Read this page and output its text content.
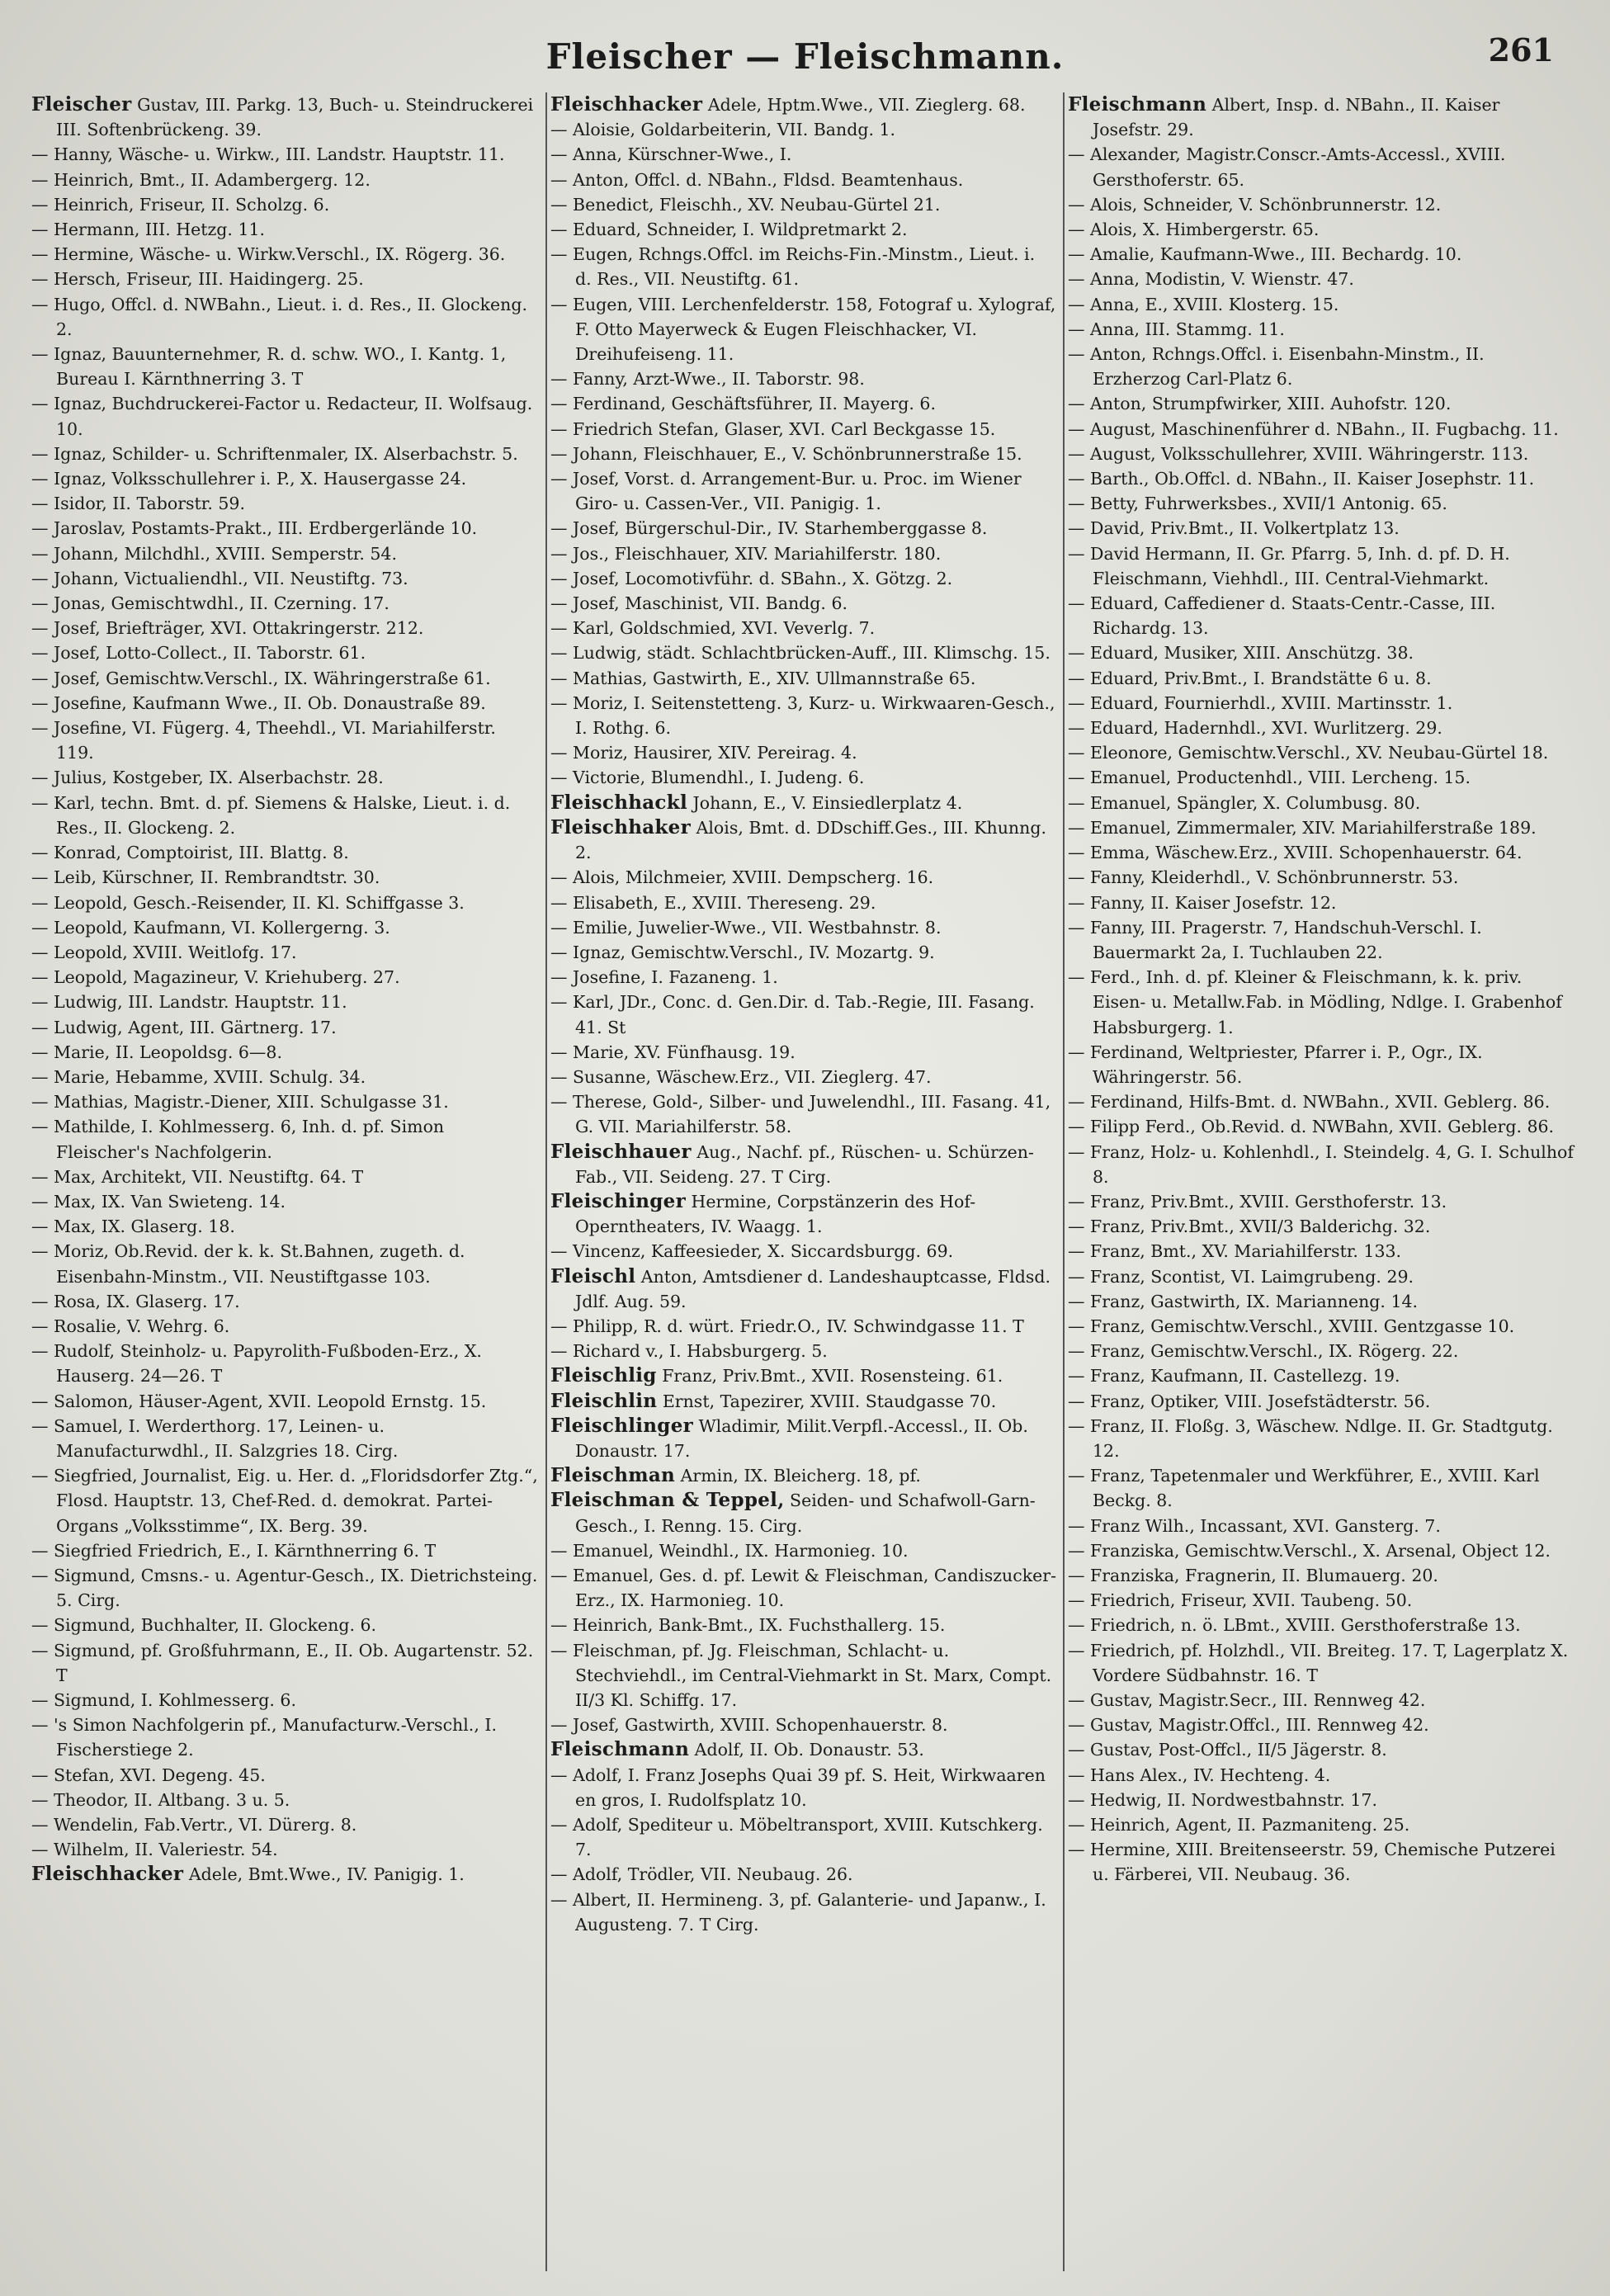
Fleischer — Fleischmann.	261
Fleischer Gustav, III. Parkg. 13, Buch- u. Steindruckerei III. Softenbrückeng. 39.
— Hanny, Wäsche- u. Wirkw., III. Landstr. Hauptstr. 11.
— Heinrich, Bmt., II. Adambergerg. 12.
— Heinrich, Friseur, II. Scholzg. 6.
— Hermann, III. Hetzg. 11.
— Hermine, Wäsche- u. Wirkw.Verschl., IX. Rögerg. 36.
— Hersch, Friseur, III. Haidingerg. 25.
— Hugo, Offcl. d. NWBahn., Lieut. i. d. Res., II. Glockeng. 2.
— Ignaz, Bauunternehmer, R. d. schw. WO., I. Kantg. 1, Bureau I. Kärnthnerring 3. T
— Ignaz, Buchdruckerei-Factor u. Redacteur, II. Wolfsaug. 10.
— Ignaz, Schilder- u. Schriftenmaler, IX. Alserbachstr. 5.
— Ignaz, Volksschullehrer i. P., X. Hausergasse 24.
— Isidor, II. Taborstr. 59.
— Jaroslav, Postamts-Prakt., III. Erdbergerlände 10.
— Johann, Milchdhl., XVIII. Semperstr. 54.
— Johann, Victualiendhl., VII. Neustiftg. 73.
— Jonas, Gemischtwdhl., II. Czerning. 17.
— Josef, Briefträger, XVI. Ottakringerstr. 212.
— Josef, Lotto-Collect., II. Taborstr. 61.
— Josef, Gemischtw.Verschl., IX. Währingerstraße 61.
— Josefine, Kaufmann Wwe., II. Ob. Donaustraße 89.
— Josefine, VI. Fügerg. 4, Theehdl., VI. Mariahilferstr. 119.
— Julius, Kostgeber, IX. Alserbachstr. 28.
— Karl, techn. Bmt. d. pf. Siemens & Halske, Lieut. i. d. Res., II. Glockeng. 2.
— Konrad, Comptoirist, III. Blattg. 8.
— Leib, Kürschner, II. Rembrandtstr. 30.
— Leopold, Gesch.-Reisender, II. Kl. Schiffgasse 3.
— Leopold, Kaufmann, VI. Kollergerng. 3.
— Leopold, XVIII. Weitlofg. 17.
— Leopold, Magazineur, V. Kriehuberg. 27.
— Ludwig, III. Landstr. Hauptstr. 11.
— Ludwig, Agent, III. Gärtnerg. 17.
— Marie, II. Leopoldsg. 6—8.
— Marie, Hebamme, XVIII. Schulg. 34.
— Mathias, Magistr.-Diener, XIII. Schulgasse 31.
— Mathilde, I. Kohlmesserg. 6, Inh. d. pf. Simon Fleischer's Nachfolgerin.
— Max, Architekt, VII. Neustiftg. 64. T
— Max, IX. Van Swieteng. 14.
— Max, IX. Glaserg. 18.
— Moriz, Ob.Revid. der k. k. St.Bahnen, zugeth. d. Eisenbahn-Minstm., VII. Neustiftgasse 103.
— Rosa, IX. Glaserg. 17.
— Rosalie, V. Wehrg. 6.
— Rudolf, Steinholz- u. Papyrolith-Fußboden-Erz., X. Hauserg. 24—26. T
— Salomon, Häuser-Agent, XVII. Leopold Ernstg. 15.
— Samuel, I. Werderthorg. 17, Leinen- u. Manufacturwdhl., II. Salzgries 18. Cirg.
— Siegfried, Journalist, Eig. u. Her. d. „Floridsdorfer Ztg.“, Flosd. Hauptstr. 13, Chef-Red. d. demokrat. Partei-Organs „Volksstimme“, IX. Berg. 39.
— Siegfried Friedrich, E., I. Kärnthnerring 6. T
— Sigmund, Cmsns.- u. Agentur-Gesch., IX. Dietrichsteing. 5. Cirg.
— Sigmund, Buchhalter, II. Glockeng. 6.
— Sigmund, pf. Großfuhrmann, E., II. Ob. Augartenstr. 52. T
— Sigmund, I. Kohlmesserg. 6.
— 's Simon Nachfolgerin pf., Manufacturw.-Verschl., I. Fischerstiege 2.
— Stefan, XVI. Degeng. 45.
— Theodor, II. Altbang. 3 u. 5.
— Wendelin, Fab.Vertr., VI. Dürerg. 8.
— Wilhelm, II. Valeriestr. 54.
Fleischhacker Adele, Bmt.Wwe., IV. Panigig. 1.
Fleischhacker Adele, Hptm.Wwe., VII. Zieglerg. 68.
— Aloisie, Goldarbeiterin, VII. Bandg. 1.
— Anna, Kürschner-Wwe., I.
— Anton, Offcl. d. NBahn., Fldsd. Beamtenhaus.
— Benedict, Fleischh., XV. Neubau-Gürtel 21.
— Eduard, Schneider, I. Wildpretmarkt 2.
— Eugen, Rchngs.Offcl. im Reichs-Fin.-Minstm., Lieut. i. d. Res., VII. Neustiftg. 61.
— Eugen, VIII. Lerchenfelderstr. 158, Fotograf u. Xylograf, F. Otto Mayerweck & Eugen Fleischhacker, VI. Dreihufeiseng. 11.
— Fanny, Arzt-Wwe., II. Taborstr. 98.
— Ferdinand, Geschäftsführer, II. Mayerg. 6.
— Friedrich Stefan, Glaser, XVI. Carl Beckgasse 15.
— Johann, Fleischhauer, E., V. Schönbrunnerstraße 15.
— Josef, Vorst. d. Arrangement-Bur. u. Proc. im Wiener Giro- u. Cassen-Ver., VII. Panigig. 1.
— Josef, Bürgerschul-Dir., IV. Starhemberggasse 8.
— Jos., Fleischhauer, XIV. Mariahilferstr. 180.
— Josef, Locomotivführ. d. SBahn., X. Götzg. 2.
— Josef, Maschinist, VII. Bandg. 6.
— Karl, Goldschmied, XVI. Veverlg. 7.
— Ludwig, städt. Schlachtbrücken-Auff., III. Klimschg. 15.
— Mathias, Gastwirth, E., XIV. Ullmannstraße 65.
— Moriz, I. Seitenstetteng. 3, Kurz- u. Wirkwaaren-Gesch., I. Rothg. 6.
— Moriz, Hausirer, XIV. Pereirag. 4.
— Victorie, Blumendhl., I. Judeng. 6.
Fleischhackl Johann, E., V. Einsiedlerplatz 4.
Fleischhaker Alois, Bmt. d. DDschiff.Ges., III. Khunng. 2.
— Alois, Milchmeier, XVIII. Dempscherg. 16.
— Elisabeth, E., XVIII. Thereseng. 29.
— Emilie, Juwelier-Wwe., VII. Westbahnstr. 8.
— Ignaz, Gemischtw.Verschl., IV. Mozartg. 9.
— Josefine, I. Fazaneng. 1.
— Karl, JDr., Conc. d. Gen.Dir. d. Tab.-Regie, III. Fasang. 41. St
— Marie, XV. Fünfhausg. 19.
— Susanne, Wäschew.Erz., VII. Zieglerg. 47.
— Therese, Gold-, Silber- und Juwelendhl., III. Fasang. 41, G. VII. Mariahilferstr. 58.
Fleischhauer Aug., Nachf. pf., Rüschen- u. Schürzen-Fab., VII. Seideng. 27. T Cirg.
Fleischinger Hermine, Corpstänzerin des Hof-Operntheaters, IV. Waagg. 1.
— Vincenz, Kaffeesieder, X. Siccardsburgg. 69.
Fleischl Anton, Amtsdiener d. Landeshauptcasse, Fldsd. Jdlf. Aug. 59.
— Philipp, R. d. würt. Friedr.O., IV. Schwindgasse 11. T
— Richard v., I. Habsburgerg. 5.
Fleischlig Franz, Priv.Bmt., XVII. Rosensteing. 61.
Fleischlin Ernst, Tapezirer, XVIII. Staudgasse 70.
Fleischlinger Wladimir, Milit.Verpfl.-Accessl., II. Ob. Donaustr. 17.
Fleischman Armin, IX. Bleicherg. 18, pf.
Fleischman & Teppel, Seiden- und Schafwoll-Garn-Gesch., I. Renng. 15. Cirg.
— Emanuel, Weindhl., IX. Harmonieg. 10.
— Emanuel, Ges. d. pf. Lewit & Fleischman, Candiszucker-Erz., IX. Harmonieg. 10.
— Heinrich, Bank-Bmt., IX. Fuchsthallerg. 15.
— Fleischman, pf. Jg. Fleischman, Schlacht- u. Stechviehdl., im Central-Viehmarkt in St. Marx, Compt. II/3 Kl. Schiffg. 17.
— Josef, Gastwirth, XVIII. Schopenhauerstr. 8.
Fleischmann Adolf, II. Ob. Donaustr. 53.
— Adolf, I. Franz Josephs Quai 39 pf. S. Heit, Wirkwaaren en gros, I. Rudolfsplatz 10.
— Adolf, Spediteur u. Möbeltransport, XVIII. Kutschkerg. 7.
— Adolf, Trödler, VII. Neubaug. 26.
— Albert, II. Hermineng. 3, pf. Galanterie- und Japanw., I. Augusteng. 7. T Cirg.
Fleischmann Albert, Insp. d. NBahn., II. Kaiser Josefstr. 29.
— Alexander, Magistr.Conscr.-Amts-Accessl., XVIII. Gersthoferstr. 65.
— Alois, Schneider, V. Schönbrunnerstr. 12.
— Alois, X. Himbergerstr. 65.
— Amalie, Kaufmann-Wwe., III. Bechardg. 10.
— Anna, Modistin, V. Wienstr. 47.
— Anna, E., XVIII. Klosterg. 15.
— Anna, III. Stammg. 11.
— Anton, Rchngs.Offcl. i. Eisenbahn-Minstm., II. Erzherzog Carl-Platz 6.
— Anton, Strumpfwirker, XIII. Auhofstr. 120.
— August, Maschinenführer d. NBahn., II. Fugbachg. 11.
— August, Volksschullehrer, XVIII. Währingerstr. 113.
— Barth., Ob.Offcl. d. NBahn., II. Kaiser Josephstr. 11.
— Betty, Fuhrwerksbes., XVII/1 Antonig. 65.
— David, Priv.Bmt., II. Volkertplatz 13.
— David Hermann, II. Gr. Pfarrg. 5, Inh. d. pf. D. H. Fleischmann, Viehhdl., III. Central-Viehmarkt.
— Eduard, Caffediener d. Staats-Centr.-Casse, III. Richardg. 13.
— Eduard, Musiker, XIII. Anschützg. 38.
— Eduard, Priv.Bmt., I. Brandstätte 6 u. 8.
— Eduard, Fournierhdl., XVIII. Martinsstr. 1.
— Eduard, Hadernhdl., XVI. Wurlitzerg. 29.
— Eleonore, Gemischtw.Verschl., XV. Neubau-Gürtel 18.
— Emanuel, Productenhdl., VIII. Lercheng. 15.
— Emanuel, Spängler, X. Columbusg. 80.
— Emanuel, Zimmermaler, XIV. Mariahilferstraße 189.
— Emma, Wäschew.Erz., XVIII. Schopenhauerstr. 64.
— Fanny, Kleiderhdl., V. Schönbrunnerstr. 53.
— Fanny, II. Kaiser Josefstr. 12.
— Fanny, III. Pragerstr. 7, Handschuh-Verschl. I. Bauermarkt 2a, I. Tuchlauben 22.
— Ferd., Inh. d. pf. Kleiner & Fleischmann, k. k. priv. Eisen- u. Metallw.Fab. in Mödling, Ndlge. I. Grabenhof Habsburgerg. 1.
— Ferdinand, Weltpriester, Pfarrer i. P., Ogr., IX. Währingerstr. 56.
— Ferdinand, Hilfs-Bmt. d. NWBahn., XVII. Geblerg. 86.
— Filipp Ferd., Ob.Revid. d. NWBahn, XVII. Geblerg. 86.
— Franz, Holz- u. Kohlenhdl., I. Steindelg. 4, G. I. Schulhof 8.
— Franz, Priv.Bmt., XVIII. Gersthoferstr. 13.
— Franz, Priv.Bmt., XVII/3 Balderichg. 32.
— Franz, Bmt., XV. Mariahilferstr. 133.
— Franz, Scontist, VI. Laimgrubeng. 29.
— Franz, Gastwirth, IX. Marianneng. 14.
— Franz, Gemischtw.Verschl., XVIII. Gentzgasse 10.
— Franz, Gemischtw.Verschl., IX. Rögerg. 22.
— Franz, Kaufmann, II. Castellezg. 19.
— Franz, Optiker, VIII. Josefstädterstr. 56.
— Franz, II. Floßg. 3, Wäschew. Ndlge. II. Gr. Stadtgutg. 12.
— Franz, Tapetenmaler und Werkführer, E., XVIII. Karl Beckg. 8.
— Franz Wilh., Incassant, XVI. Gansterg. 7.
— Franziska, Gemischtw.Verschl., X. Arsenal, Object 12.
— Franziska, Fragnerin, II. Blumauerg. 20.
— Friedrich, Friseur, XVII. Taubeng. 50.
— Friedrich, n. ö. LBmt., XVIII. Gersthoferstraße 13.
— Friedrich, pf. Holzhdl., VII. Breiteg. 17. T, Lagerplatz X. Vordere Südbahnstr. 16. T
— Gustav, Magistr.Secr., III. Rennweg 42.
— Gustav, Magistr.Offcl., III. Rennweg 42.
— Gustav, Post-Offcl., II/5 Jägerstr. 8.
— Hans Alex., IV. Hechteng. 4.
— Hedwig, II. Nordwestbahnstr. 17.
— Heinrich, Agent, II. Pazmaniteng. 25.
— Hermine, XIII. Breitenseerstr. 59, Chemische Putzerei u. Färberei, VII. Neubaug. 36.
